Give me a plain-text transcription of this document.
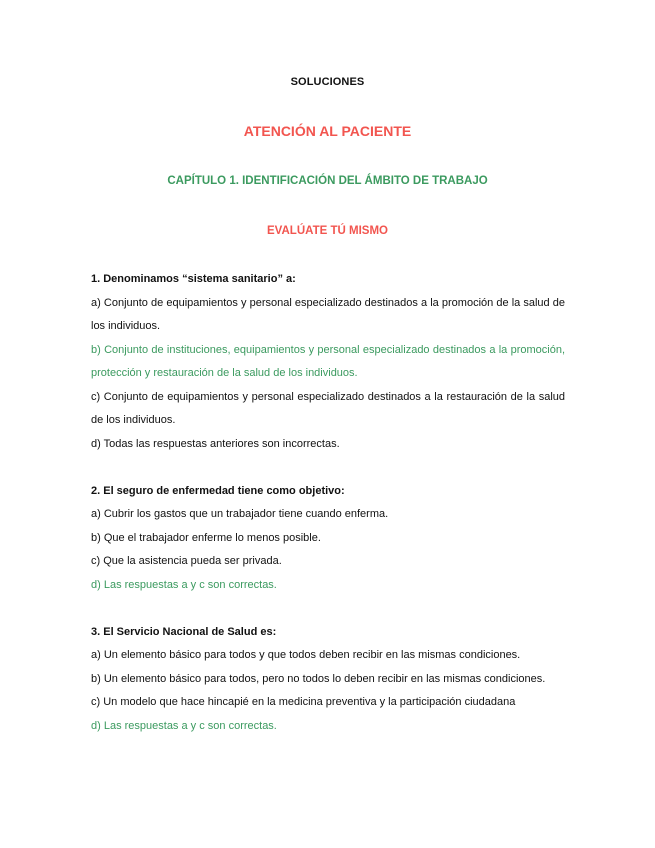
SOLUCIONES
ATENCIÓN AL PACIENTE
CAPÍTULO 1. IDENTIFICACIÓN DEL ÁMBITO DE TRABAJO
EVALÚATE TÚ MISMO

1. Denominamos “sistema sanitario” a:

a) Conjunto de equipamientos y personal especializado destinados a la promoción de la salud de los individuos.

b) Conjunto de instituciones, equipamientos y personal especializado destinados a la promoción, protección y restauración de la salud de los individuos.

c) Conjunto de equipamientos y personal especializado destinados a la restauración de la salud de los individuos.

d) Todas las respuestas anteriores son incorrectas.

2. El seguro de enfermedad tiene como objetivo:

a) Cubrir los gastos que un trabajador tiene cuando enferma.

b) Que el trabajador enferme lo menos posible.

c) Que la asistencia pueda ser privada.

d) Las respuestas a y c son correctas.

3. El Servicio Nacional de Salud es:

a) Un elemento básico para todos y que todos deben recibir en las mismas condiciones.

b) Un elemento básico para todos, pero no todos lo deben recibir en las mismas condiciones.

c) Un modelo que hace hincapié en la medicina preventiva y la participación ciudadana

d) Las respuestas a y c son correctas.
